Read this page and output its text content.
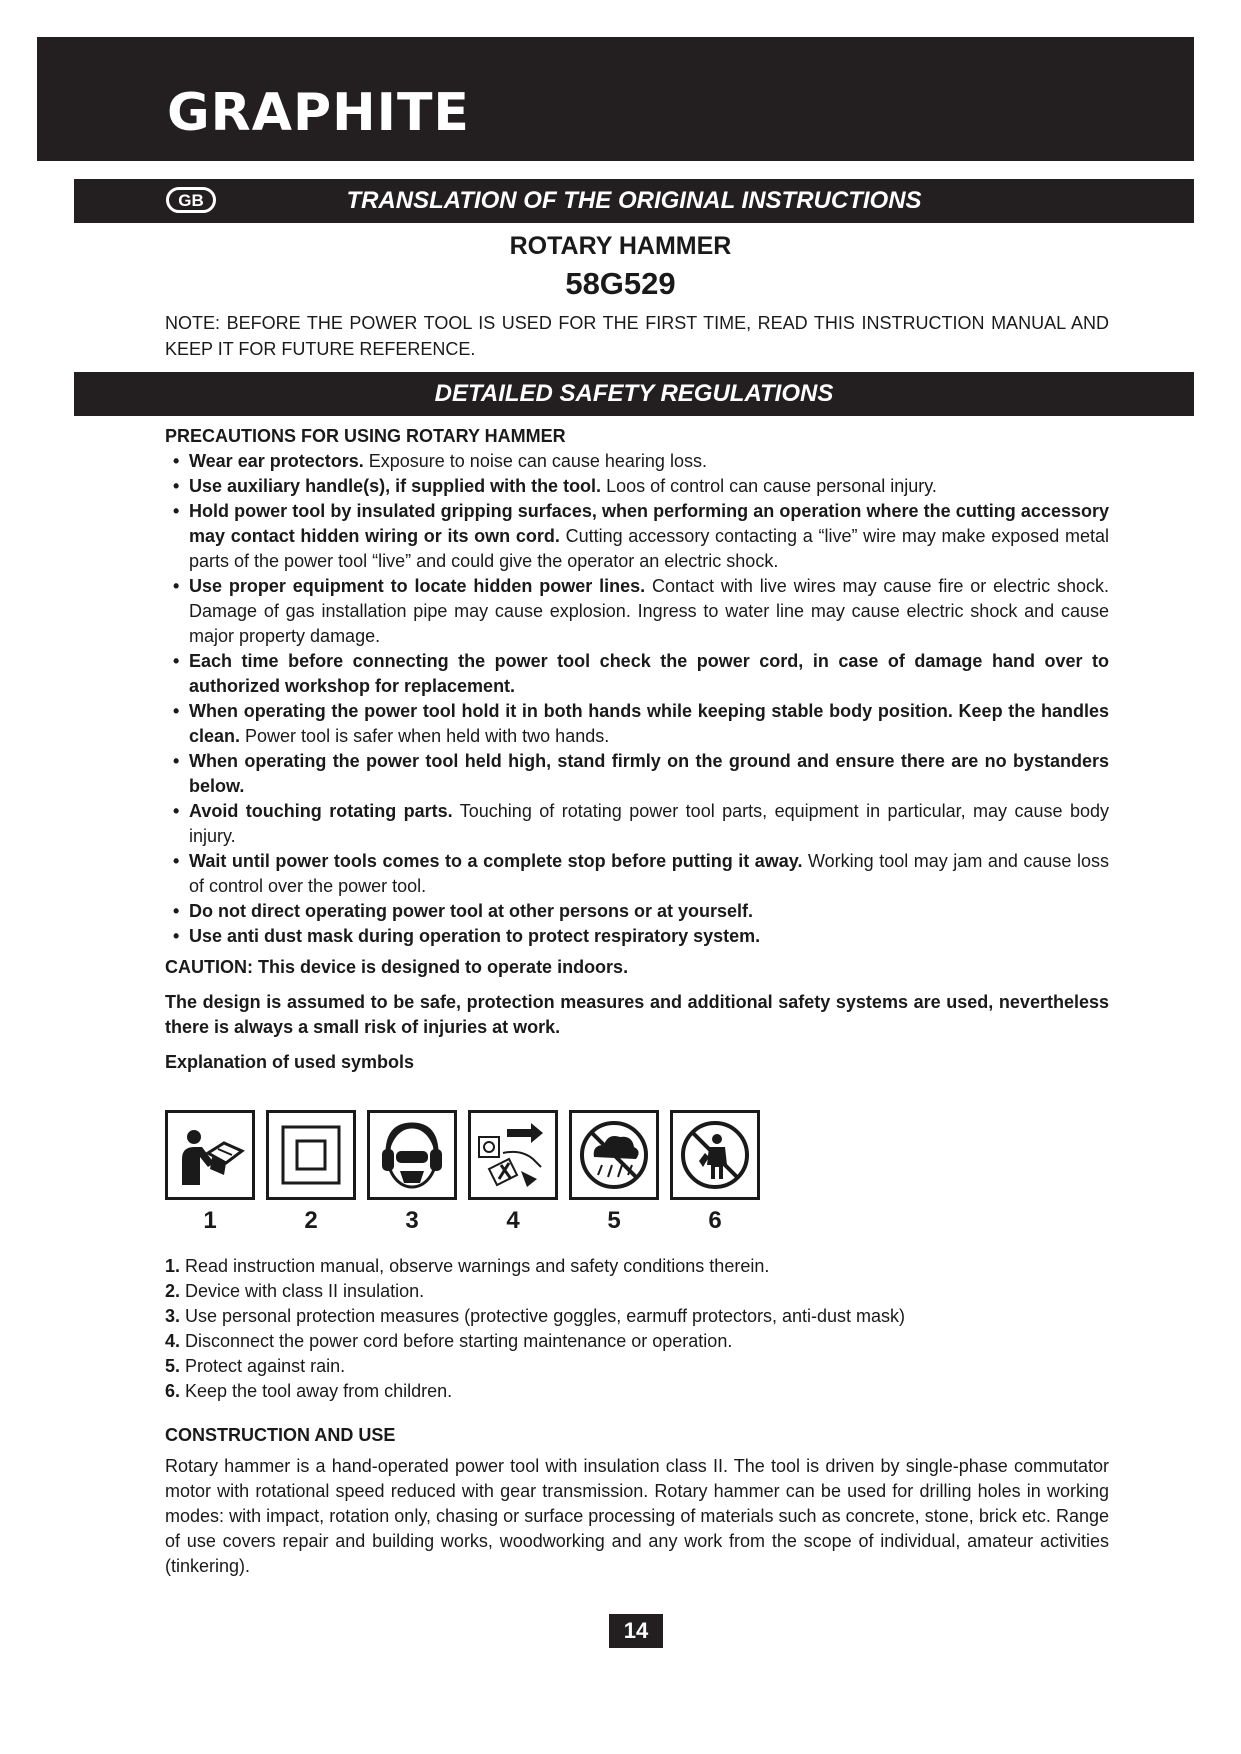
GRAPHITE
GB	TRANSLATION OF THE ORIGINAL INSTRUCTIONS
ROTARY HAMMER
58G529
NOTE: BEFORE THE POWER TOOL IS USED FOR THE FIRST TIME, READ THIS INSTRUCTION MANUAL AND KEEP IT FOR FUTURE REFERENCE.
DETAILED SAFETY REGULATIONS
PRECAUTIONS FOR USING ROTARY HAMMER
• Wear ear protectors. Exposure to noise can cause hearing loss.
• Use auxiliary handle(s), if supplied with the tool. Loos of control can cause personal injury.
• Hold power tool by insulated gripping surfaces, when performing an operation where the cutting accessory may contact hidden wiring or its own cord. Cutting accessory contacting a “live” wire may make exposed metal parts of the power tool “live” and could give the operator an electric shock.
• Use proper equipment to locate hidden power lines. Contact with live wires may cause fire or electric shock. Damage of gas installation pipe may cause explosion. Ingress to water line may cause electric shock and cause major property damage.
• Each time before connecting the power tool check the power cord, in case of damage hand over to authorized workshop for replacement.
• When operating the power tool hold it in both hands while keeping stable body position. Keep the handles clean. Power tool is safer when held with two hands.
• When operating the power tool held high, stand firmly on the ground and ensure there are no bystanders below.
• Avoid touching rotating parts. Touching of rotating power tool parts, equipment in particular, may cause body injury.
• Wait until power tools comes to a complete stop before putting it away. Working tool may jam and cause loss of control over the power tool.
• Do not direct operating power tool at other persons or at yourself.
• Use anti dust mask during operation to protect respiratory system.
CAUTION: This device is designed to operate indoors.
The design is assumed to be safe, protection measures and additional safety systems are used, nevertheless there is always a small risk of injuries at work.
Explanation of used symbols
1	2	3	4	5	6
1. Read instruction manual, observe warnings and safety conditions therein.
2. Device with class II insulation.
3. Use personal protection measures (protective goggles, earmuff protectors, anti-dust mask)
4. Disconnect the power cord before starting maintenance or operation.
5. Protect against rain.
6. Keep the tool away from children.
CONSTRUCTION AND USE

Rotary hammer is a hand-operated power tool with insulation class II. The tool is driven by single-phase commutator motor with rotational speed reduced with gear transmission. Rotary hammer can be used for drilling holes in working modes: with impact, rotation only, chasing or surface processing of materials such as concrete, stone, brick etc. Range of use covers repair and building works, woodworking and any work from the scope of individual, amateur activities (tinkering).

14
